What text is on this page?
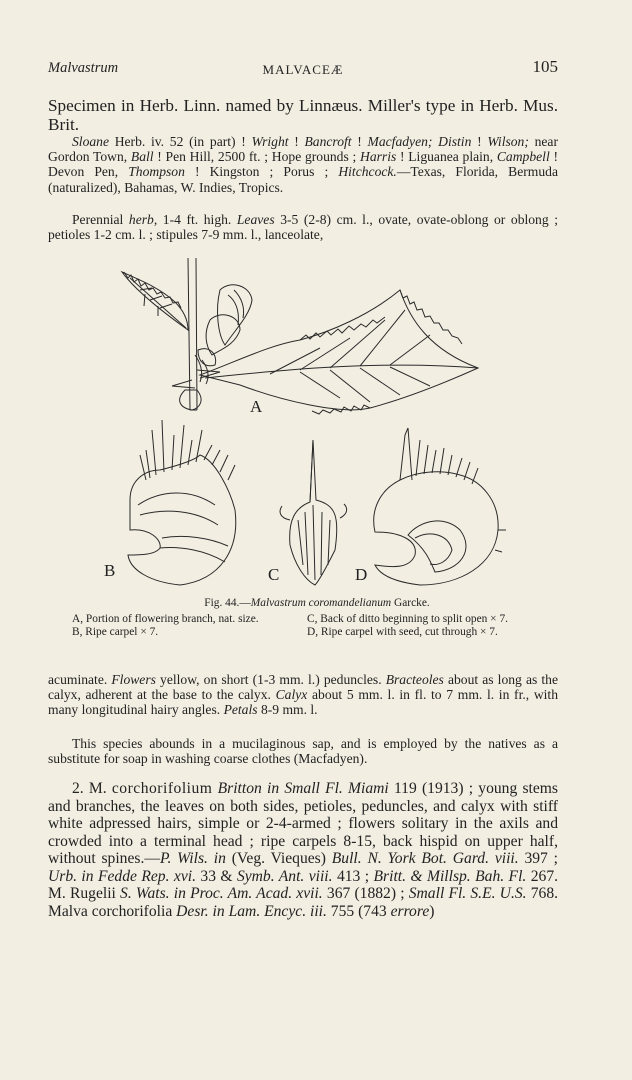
Malvastrum	MALVACEÆ	105
Specimen in Herb. Linn. named by Linnæus. Miller's type in Herb. Mus. Brit.
Sloane Herb. iv. 52 (in part) ! Wright ! Bancroft ! Macfadyen; Distin ! Wilson; near Gordon Town, Ball ! Pen Hill, 2500 ft. ; Hope grounds ; Harris ! Liguanea plain, Campbell ! Devon Pen, Thompson ! Kingston ; Porus ; Hitchcock.—Texas, Florida, Bermuda (naturalized), Bahamas, W. Indies, Tropics.
Perennial herb, 1-4 ft. high. Leaves 3-5 (2-8) cm. l., ovate, ovate-oblong or oblong ; petioles 1-2 cm. l. ; stipules 7-9 mm. l., lanceolate,
A
B	C	D
Fig. 44.—Malvastrum coromandelianum Garcke.
A, Portion of flowering branch, nat. size.
B, Ripe carpel × 7.
C, Back of ditto beginning to split open × 7.
D, Ripe carpel with seed, cut through × 7.
acuminate. Flowers yellow, on short (1-3 mm. l.) peduncles. Bracteoles about as long as the calyx, adherent at the base to the calyx. Calyx about 5 mm. l. in fl. to 7 mm. l. in fr., with many longitudinal hairy angles. Petals 8-9 mm. l.
This species abounds in a mucilaginous sap, and is employed by the natives as a substitute for soap in washing coarse clothes (Macfadyen).
2. M. corchorifolium Britton in Small Fl. Miami 119 (1913) ; young stems and branches, the leaves on both sides, petioles, peduncles, and calyx with stiff white adpressed hairs, simple or 2-4-armed ; flowers solitary in the axils and crowded into a terminal head ; ripe carpels 8-15, back hispid on upper half, without spines.—P. Wils. in (Veg. Vieques) Bull. N. York Bot. Gard. viii. 397 ; Urb. in Fedde Rep. xvi. 33 & Symb. Ant. viii. 413 ; Britt. & Millsp. Bah. Fl. 267. M. Rugelii S. Wats. in Proc. Am. Acad. xvii. 367 (1882) ; Small Fl. S.E. U.S. 768. Malva corchorifolia Desr. in Lam. Encyc. iii. 755 (743 errore)
